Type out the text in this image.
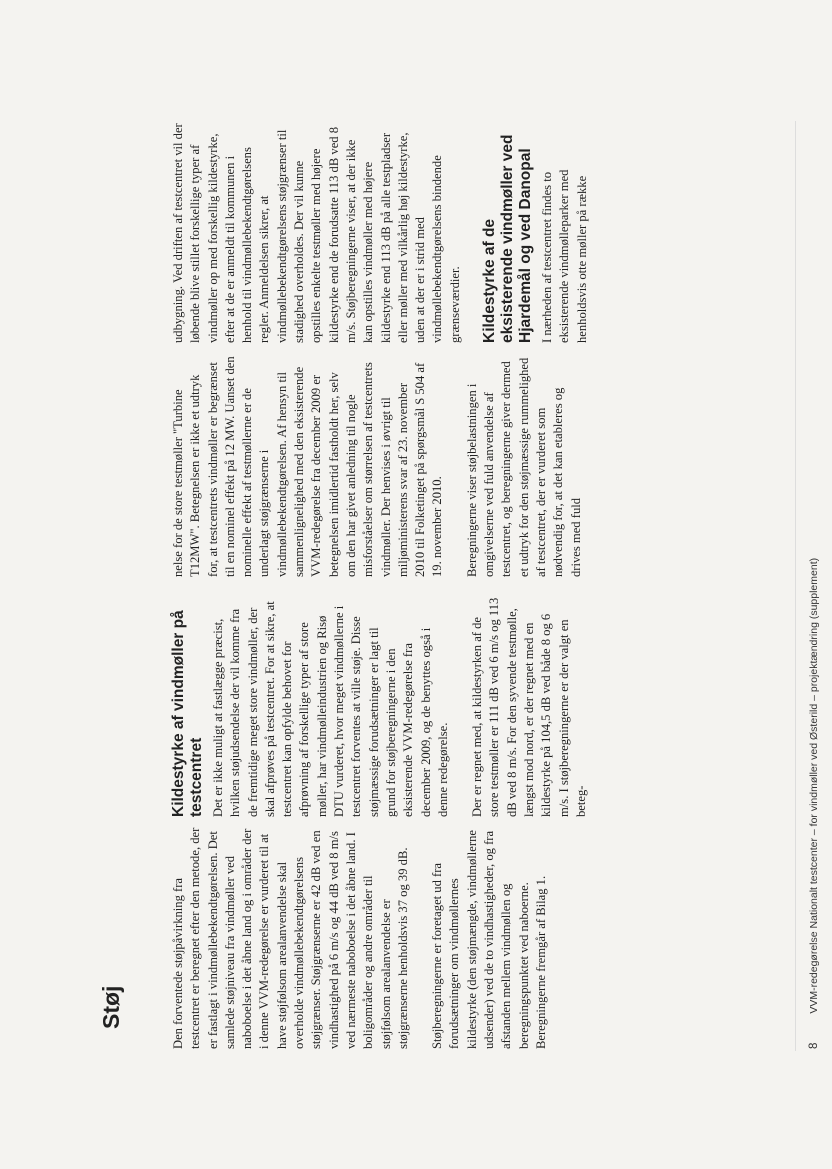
Støj	Den forventede støjpåvirkning fra testcentret er beregnet efter den metode, der er fastlagt i vindmøllebekendtgørelsen. Det samlede støjniveau fra vindmøller ved naboboelse i det åbne land og i områder der i denne VVM-redegørelse er vurderet til at have støjfølsom arealanvendelse skal overholde vindmøllebekendtgørelsens støjgrænser. Støjgrænserne er 42 dB ved en vindhastighed på 6 m/s og 44 dB ved 8 m/s ved nærmeste naboboelse i det åbne land. I boligområder og andre områder til støjfølsom arealanvendelse er støjgrænserne henholdsvis 37 og 39 dB. Støjberegningerne er foretaget ud fra forudsætninger om vindmøllernes kildestyrke (den støjmængde, vindmøllerne udsender) ved de to vindhastigheder, og fra afstanden mellem vindmøllen og beregningspunktet ved naboerne. Beregningerne fremgår af Bilag 1.

Kildestyrke af vindmøller på testcentret Det er ikke muligt at fastlægge præcist, hvilken støjudsendelse der vil komme fra de fremtidige meget store vindmøller, der skal afprøves på testcentret. For at sikre, at testcentret kan opfylde behovet for afprøvning af forskellige typer af store møller, har vindmølleindustrien og Risø DTU vurderet, hvor meget vindmøllerne i testcentret forventes at ville støje. Disse støjmæssige forudsætninger er lagt til grund for støjberegningerne i den eksisterende VVM-redegørelse fra december 2009, og de benyttes også i denne redegørelse. Der er regnet med, at kildestyrken af de store testmøller er 111 dB ved 6 m/s og 113 dB ved 8 m/s. For den syvende testmølle, længst mod nord, er der regnet med en kildestyrke på 104,5 dB ved både 8 og 6 m/s. I støjberegningerne er der valgt en beteg-

nelse for de store testmøller "Turbine T12MW". Betegnelsen er ikke et udtryk for, at testcentrets vindmøller er begrænset til en nominel effekt på 12 MW. Uanset den nominelle effekt af testmøllerne er de underlagt støjgrænserne i vindmøllebekendtgørelsen. Af hensyn til sammenlignelighed med den eksisterende VVM-redegørelse fra december 2009 er betegnelsen imidlertid fastholdt her, selv om den har givet anledning til nogle misforståelser om størrelsen af testcentrets vindmøller. Der henvises i øvrigt til miljøministerens svar af 23. november 2010 til Folketinget på spørgsmål S 504 af 19. november 2010. Beregningerne viser støjbelastningen i omgivelserne ved fuld anvendelse af testcentret, og beregningerne giver dermed et udtryk for den støjmæssige rummelighed af testcentret, der er vurderet som nødvendig for, at det kan etableres og drives med fuld

udbygning. Ved driften af testcentret vil der løbende blive stillet forskellige typer af vindmøller op med forskellig kildestyrke, efter at de er anmeldt til kommunen i henhold til vindmøllebekendtgørelsens regler. Anmeldelsen sikrer, at vindmøllebekendtgørelsens støjgrænser til stadighed overholdes. Der vil kunne opstilles enkelte testmøller med højere kildestyrke end de forudsatte 113 dB ved 8 m/s. Støjberegningerne viser, at der ikke kan opstilles vindmøller med højere kildestyrke end 113 dB på alle testpladser eller møller med vilkårlig høj kildestyrke, uden at der er i strid med vindmøllebekendtgørelsens bindende grænseværdier. Kildestyrke af de eksisterende vindmøller ved Hjardemål og ved Danopal I nærheden af testcentret findes to eksisterende vindmølleparker med henholdsvis otte møller på række

8 VVM-redegørelse Nationalt testcenter – for vindmøller ved Østerild – projektændring (supplement)
